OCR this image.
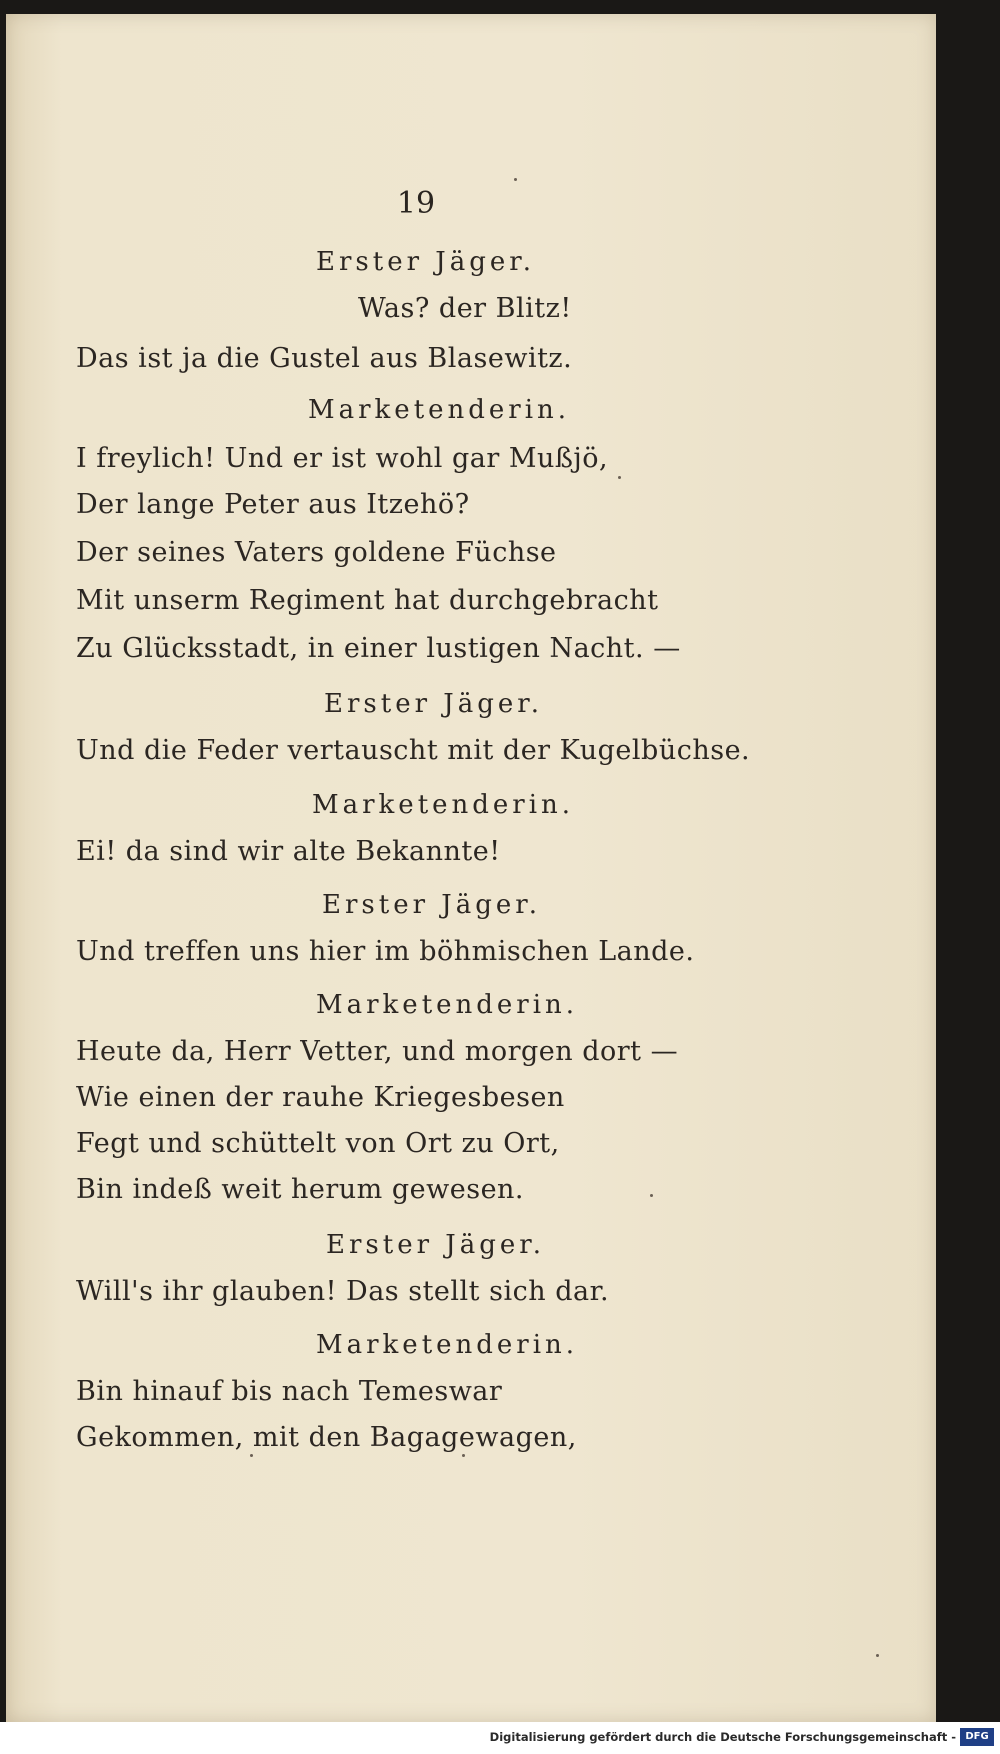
19
Erster Jäger.
Was? der Blitz!
Das ist ja die Gustel aus Blasewitz.
Marketenderin.
I freylich! Und er ist wohl gar Mußjö,
Der lange Peter aus Itzehö?
Der seines Vaters goldene Füchse
Mit unserm Regiment hat durchgebracht
Zu Glücksstadt, in einer lustigen Nacht. —
Erster Jäger.
Und die Feder vertauscht mit der Kugelbüchse.
Marketenderin.
Ei! da sind wir alte Bekannte!
Erster Jäger.
Und treffen uns hier im böhmischen Lande.
Marketenderin.
Heute da, Herr Vetter, und morgen dort —
Wie einen der rauhe Kriegesbesen
Fegt und schüttelt von Ort zu Ort,
Bin indeß weit herum gewesen.
Erster Jäger.
Will's ihr glauben! Das stellt sich dar.
Marketenderin.
Bin hinauf bis nach Temeswar
Gekommen, mit den Bagagewagen,
Digitalisierung gefördert durch die Deutsche Forschungsgemeinschaft - DFG
